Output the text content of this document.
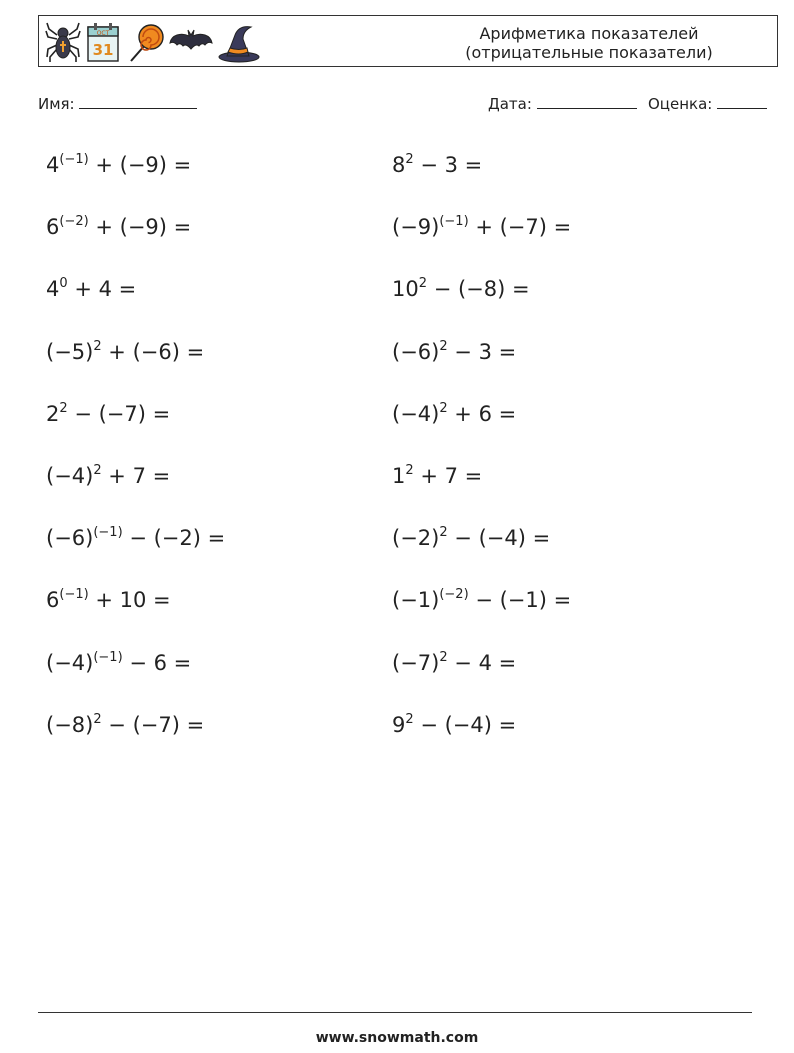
OCT
31
Арифметика показателей
(отрицательные показатели)
Имя:	Дата:	Оценка:
$4^{(-1)} + (-9)$ =
$6^{(-2)} + (-9)$ =
$4^0 + 4$ =
$(-5)^2 + (-6)$ =
$2^2 - (-7)$ =
$(-4)^2 + 7$ =
$(-6)^{(-1)} - (-2)$ =
$6^{(-1)} + 10$ =
$(-4)^{(-1)} - 6$ =
$(-8)^2 - (-7)$ =
$8^2 - 3$ =
$(-9)^{(-1)} + (-7)$ =
$10^2 - (-8)$ =
$(-6)^2 - 3$ =
$(-4)^2 + 6$ =
$1^2 + 7$ =
$(-2)^2 - (-4)$ =
$(-1)^{(-2)} - (-1)$ =
$(-7)^2 - 4$ =
$9^2 - (-4)$ =
www.snowmath.com
